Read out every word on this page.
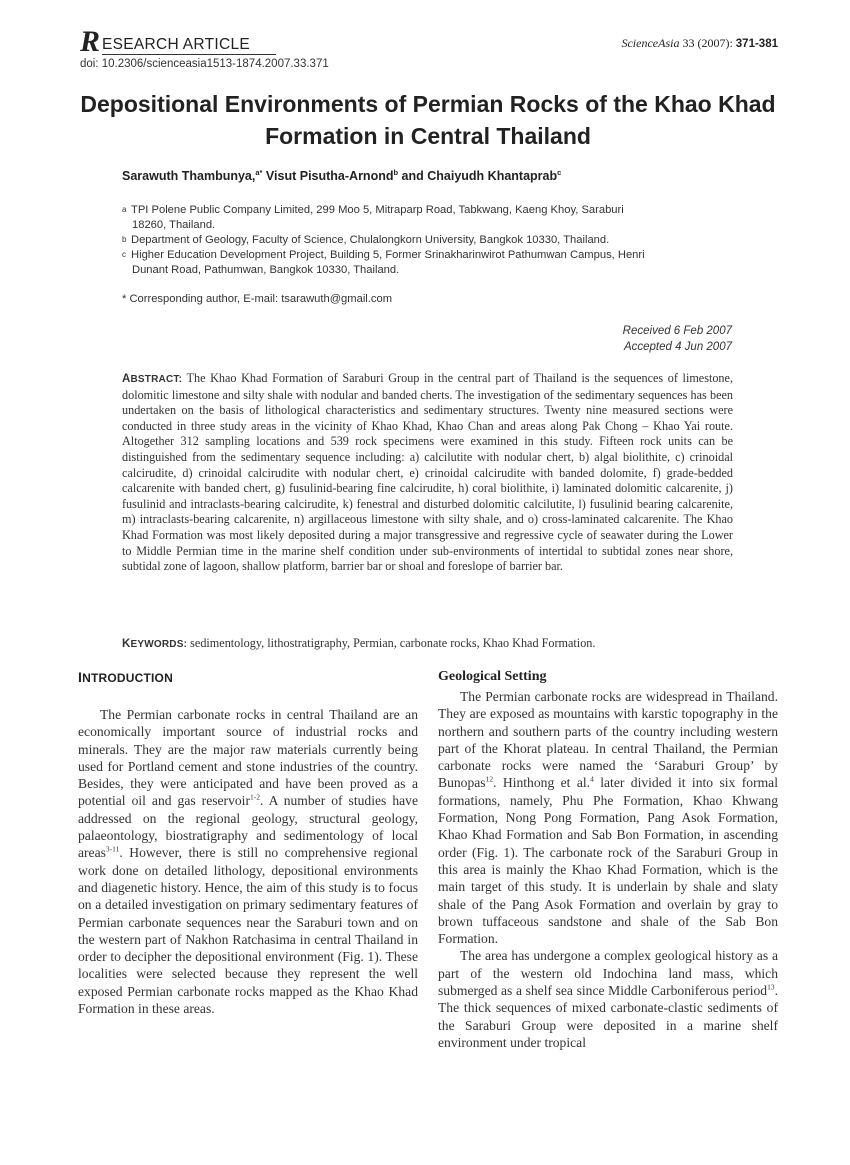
R ESEARCH ARTICLE
doi: 10.2306/scienceasia1513-1874.2007.33.371
ScienceAsia 33 (2007): 371-381
Depositional Environments of Permian Rocks of the Khao Khad Formation in Central Thailand
Sarawuth Thambunya,$^{a*}$ Visut Pisutha-Arnond$^b$ and Chaiyudh Khantaprab$^c$
a TPI Polene Public Company Limited, 299 Moo 5, Mitraparp Road, Tabkwang, Kaeng Khoy, Saraburi
18260, Thailand.
b Department of Geology, Faculty of Science, Chulalongkorn University, Bangkok 10330, Thailand.
c Higher Education Development Project, Building 5, Former Srinakharinwirot Pathumwan Campus, Henri
Dunant Road, Pathumwan, Bangkok 10330, Thailand.
* Corresponding author, E-mail: tsarawuth@gmail.com
Received 6 Feb 2007
Accepted 4 Jun 2007
ABSTRACT: The Khao Khad Formation of Saraburi Group in the central part of Thailand is the sequences of limestone, dolomitic limestone and silty shale with nodular and banded cherts. The investigation of the sedimentary sequences has been undertaken on the basis of lithological characteristics and sedimentary structures. Twenty nine measured sections were conducted in three study areas in the vicinity of Khao Khad, Khao Chan and areas along Pak Chong – Khao Yai route. Altogether 312 sampling locations and 539 rock specimens were examined in this study. Fifteen rock units can be distinguished from the sedimentary sequence including: a) calcilutite with nodular chert, b) algal biolithite, c) crinoidal calcirudite, d) crinoidal calcirudite with nodular chert, e) crinoidal calcirudite with banded dolomite, f) grade-bedded calcarenite with banded chert, g) fusulinid-bearing fine calcirudite, h) coral biolithite, i) laminated dolomitic calcarenite, j) fusulinid and intraclasts-bearing calcirudite, k) fenestral and disturbed dolomitic calcilutite, l) fusulinid bearing calcarenite, m) intraclasts-bearing calcarenite, n) argillaceous limestone with silty shale, and o) cross-laminated calcarenite. The Khao Khad Formation was most likely deposited during a major transgressive and regressive cycle of seawater during the Lower to Middle Permian time in the marine shelf condition under sub-environments of intertidal to subtidal zones near shore, subtidal zone of lagoon, shallow platform, barrier bar or shoal and foreslope of barrier bar.
KEYWORDS: sedimentology, lithostratigraphy, Permian, carbonate rocks, Khao Khad Formation.
INTRODUCTION

The Permian carbonate rocks in central Thailand are an economically important source of industrial rocks and minerals. They are the major raw materials currently being used for Portland cement and stone industries of the country. Besides, they were anticipated and have been proved as a potential oil and gas reservoir$^{1-2}$. A number of studies have addressed on the regional geology, structural geology, palaeontology, biostratigraphy and sedimentology of local areas$^{3-11}$. However, there is still no comprehensive regional work done on detailed lithology, depositional environments and diagenetic history. Hence, the aim of this study is to focus on a detailed investigation on primary sedimentary features of Permian carbonate sequences near the Saraburi town and on the western part of Nakhon Ratchasima in central Thailand in order to decipher the depositional environment (Fig. 1). These localities were selected because they represent the well exposed Permian carbonate rocks mapped as the Khao Khad Formation in these areas.

Geological Setting

The Permian carbonate rocks are widespread in Thailand. They are exposed as mountains with karstic topography in the northern and southern parts of the country including western part of the Khorat plateau. In central Thailand, the Permian carbonate rocks were named the ‘Saraburi Group’ by Bunopas$^{12}$. Hinthong et al.$^4$ later divided it into six formal formations, namely, Phu Phe Formation, Khao Khwang Formation, Nong Pong Formation, Pang Asok Formation, Khao Khad Formation and Sab Bon Formation, in ascending order (Fig. 1). The carbonate rock of the Saraburi Group in this area is mainly the Khao Khad Formation, which is the main target of this study. It is underlain by shale and slaty shale of the Pang Asok Formation and overlain by gray to brown tuffaceous sandstone and shale of the Sab Bon Formation.

The area has undergone a complex geological history as a part of the western old Indochina land mass, which submerged as a shelf sea since Middle Carboniferous period$^{13}$. The thick sequences of mixed carbonate-clastic sediments of the Saraburi Group were deposited in a marine shelf environment under tropical
